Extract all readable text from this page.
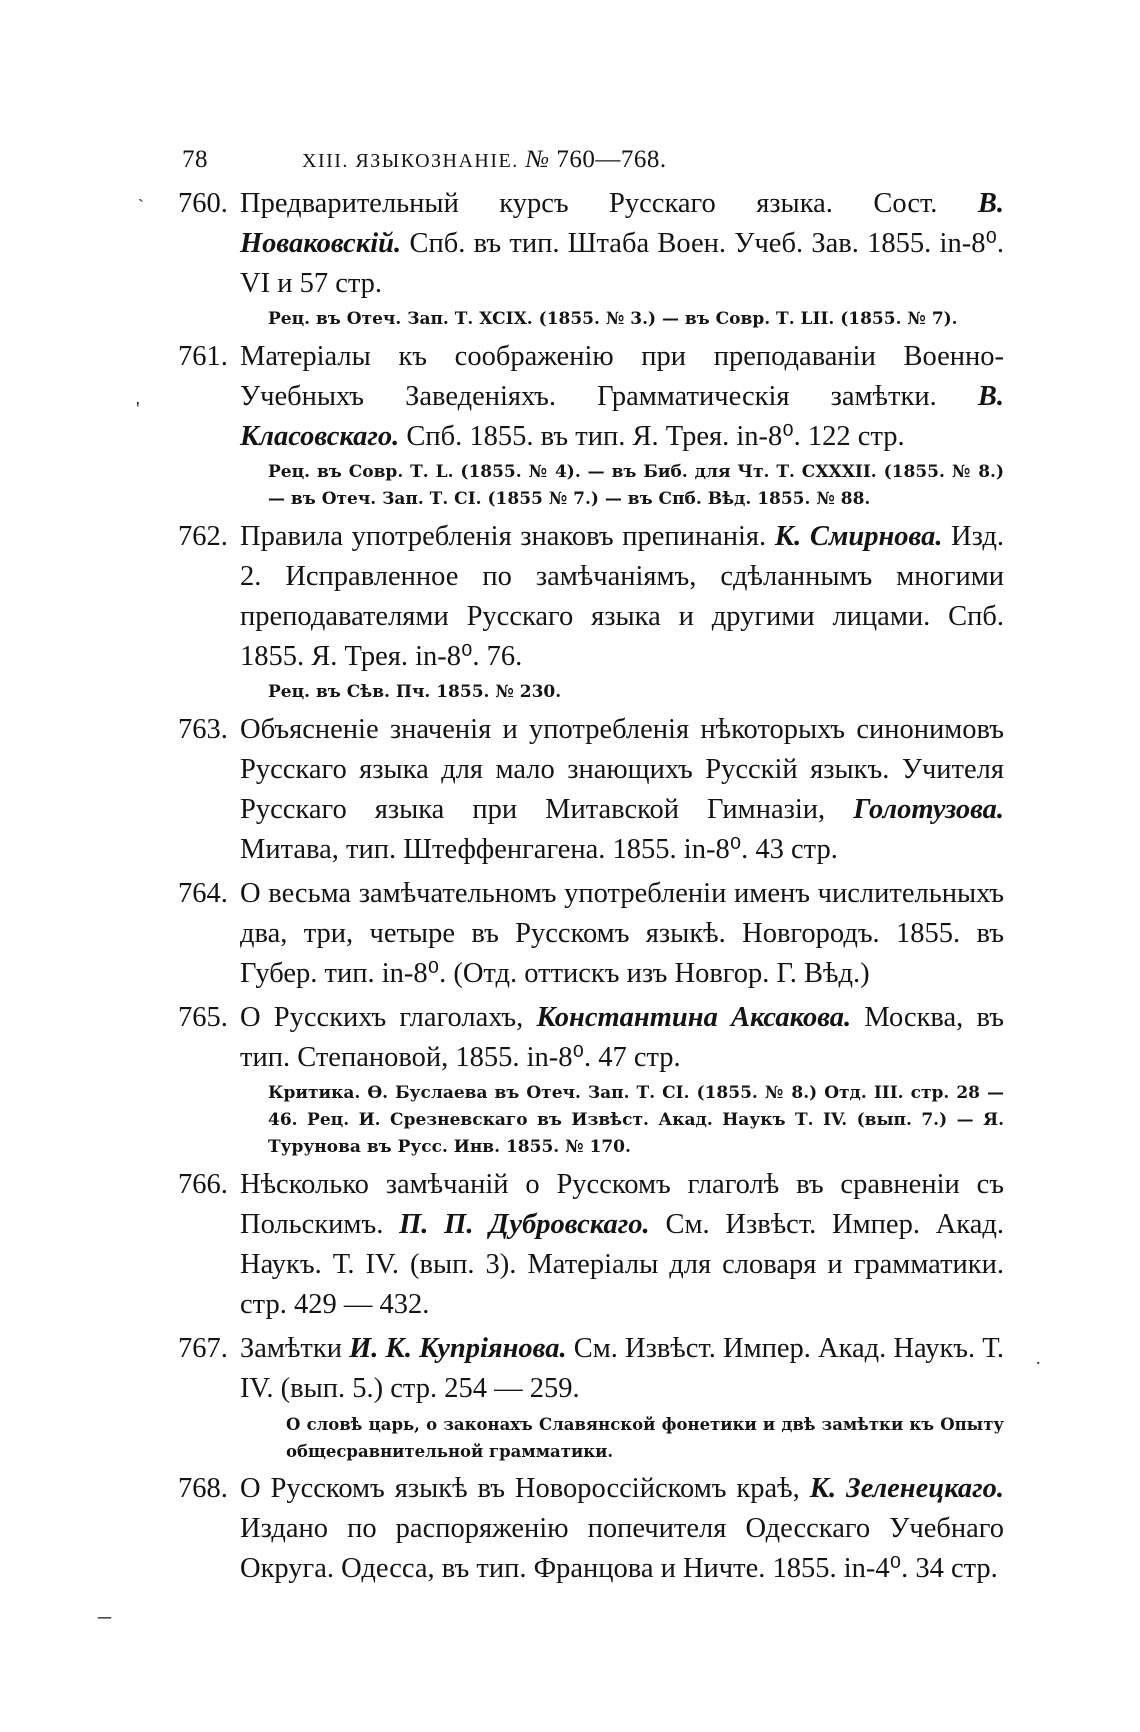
78	XIII. ЯЗЫКОЗНАНІЕ. № 760—768.
760. Предварительный курсъ Русскаго языка. Сост. В. Новаковскій. Спб. въ тип. Штаба Воен. Учеб. Зав. 1855. in-8⁰. VI и 57 стр.
Рец. въ Отеч. Зап. Т. XCIX. (1855. № 3.) — въ Совр. Т. LII. (1855. № 7).
761. Матеріалы къ соображенію при преподаваніи Военно-Учебныхъ Заведеніяхъ. Грамматическія замѣтки. В. Класовскаго. Спб. 1855. въ тип. Я. Трея. in-8⁰. 122 стр.
Рец. въ Совр. Т. L. (1855. № 4). — въ Биб. для Чт. Т. CXXXII. (1855. № 8.) — въ Отеч. Зап. Т. CI. (1855 № 7.) — въ Спб. Вѣд. 1855. № 88.
762. Правила употребленія знаковъ препинанія. К. Смирнова. Изд. 2. Исправленное по замѣчаніямъ, сдѣланнымъ многими преподавателями Русскаго языка и другими лицами. Спб. 1855. Я. Трея. in-8⁰. 76.
Рец. въ Сѣв. Пч. 1855. № 230.
763. Объясненіе значенія и употребленія нѣкоторыхъ синонимовъ Русскаго языка для мало знающихъ Русскій языкъ. Учителя Русскаго языка при Митавской Гимназіи, Голотузова. Митава, тип. Штеффенгагена. 1855. in-8⁰. 43 стр.
764. О весьма замѣчательномъ употребленіи именъ числительныхъ два, три, четыре въ Русскомъ языкѣ. Новгородъ. 1855. въ Губер. тип. in-8⁰. (Отд. оттискъ изъ Новгор. Г. Вѣд.)
765. О Русскихъ глаголахъ, Константина Аксакова. Москва, въ тип. Степановой, 1855. in-8⁰. 47 стр.
Критика. Ѳ. Буслаева въ Отеч. Зап. Т. CI. (1855. № 8.) Отд. III. стр. 28 — 46. Рец. И. Срезневскаго въ Извѣст. Акад. Наукъ Т. IV. (вып. 7.) — Я. Турунова въ Русс. Инв. 1855. № 170.
766. Нѣсколько замѣчаній о Русскомъ глаголѣ въ сравненіи съ Польскимъ. П. П. Дубровскаго. См. Извѣст. Импер. Акад. Наукъ. Т. IV. (вып. 3). Матеріалы для словаря и грамматики. стр. 429 — 432.
767. Замѣтки И. К. Купріянова. См. Извѣст. Импер. Акад. Наукъ. Т. IV. (вып. 5.) стр. 254 — 259.
О словѣ царь, о законахъ Славянской фонетики и двѣ замѣтки къ Опыту общесравнительной грамматики.
768. О Русскомъ языкѣ въ Новороссійскомъ краѣ, К. Зеленецкаго. Издано по распоряженію попечителя Одесскаго Учебнаго Округа. Одесса, въ тип. Францова и Ничте. 1855. in-4⁰. 34 стр.
`
'
.
_
